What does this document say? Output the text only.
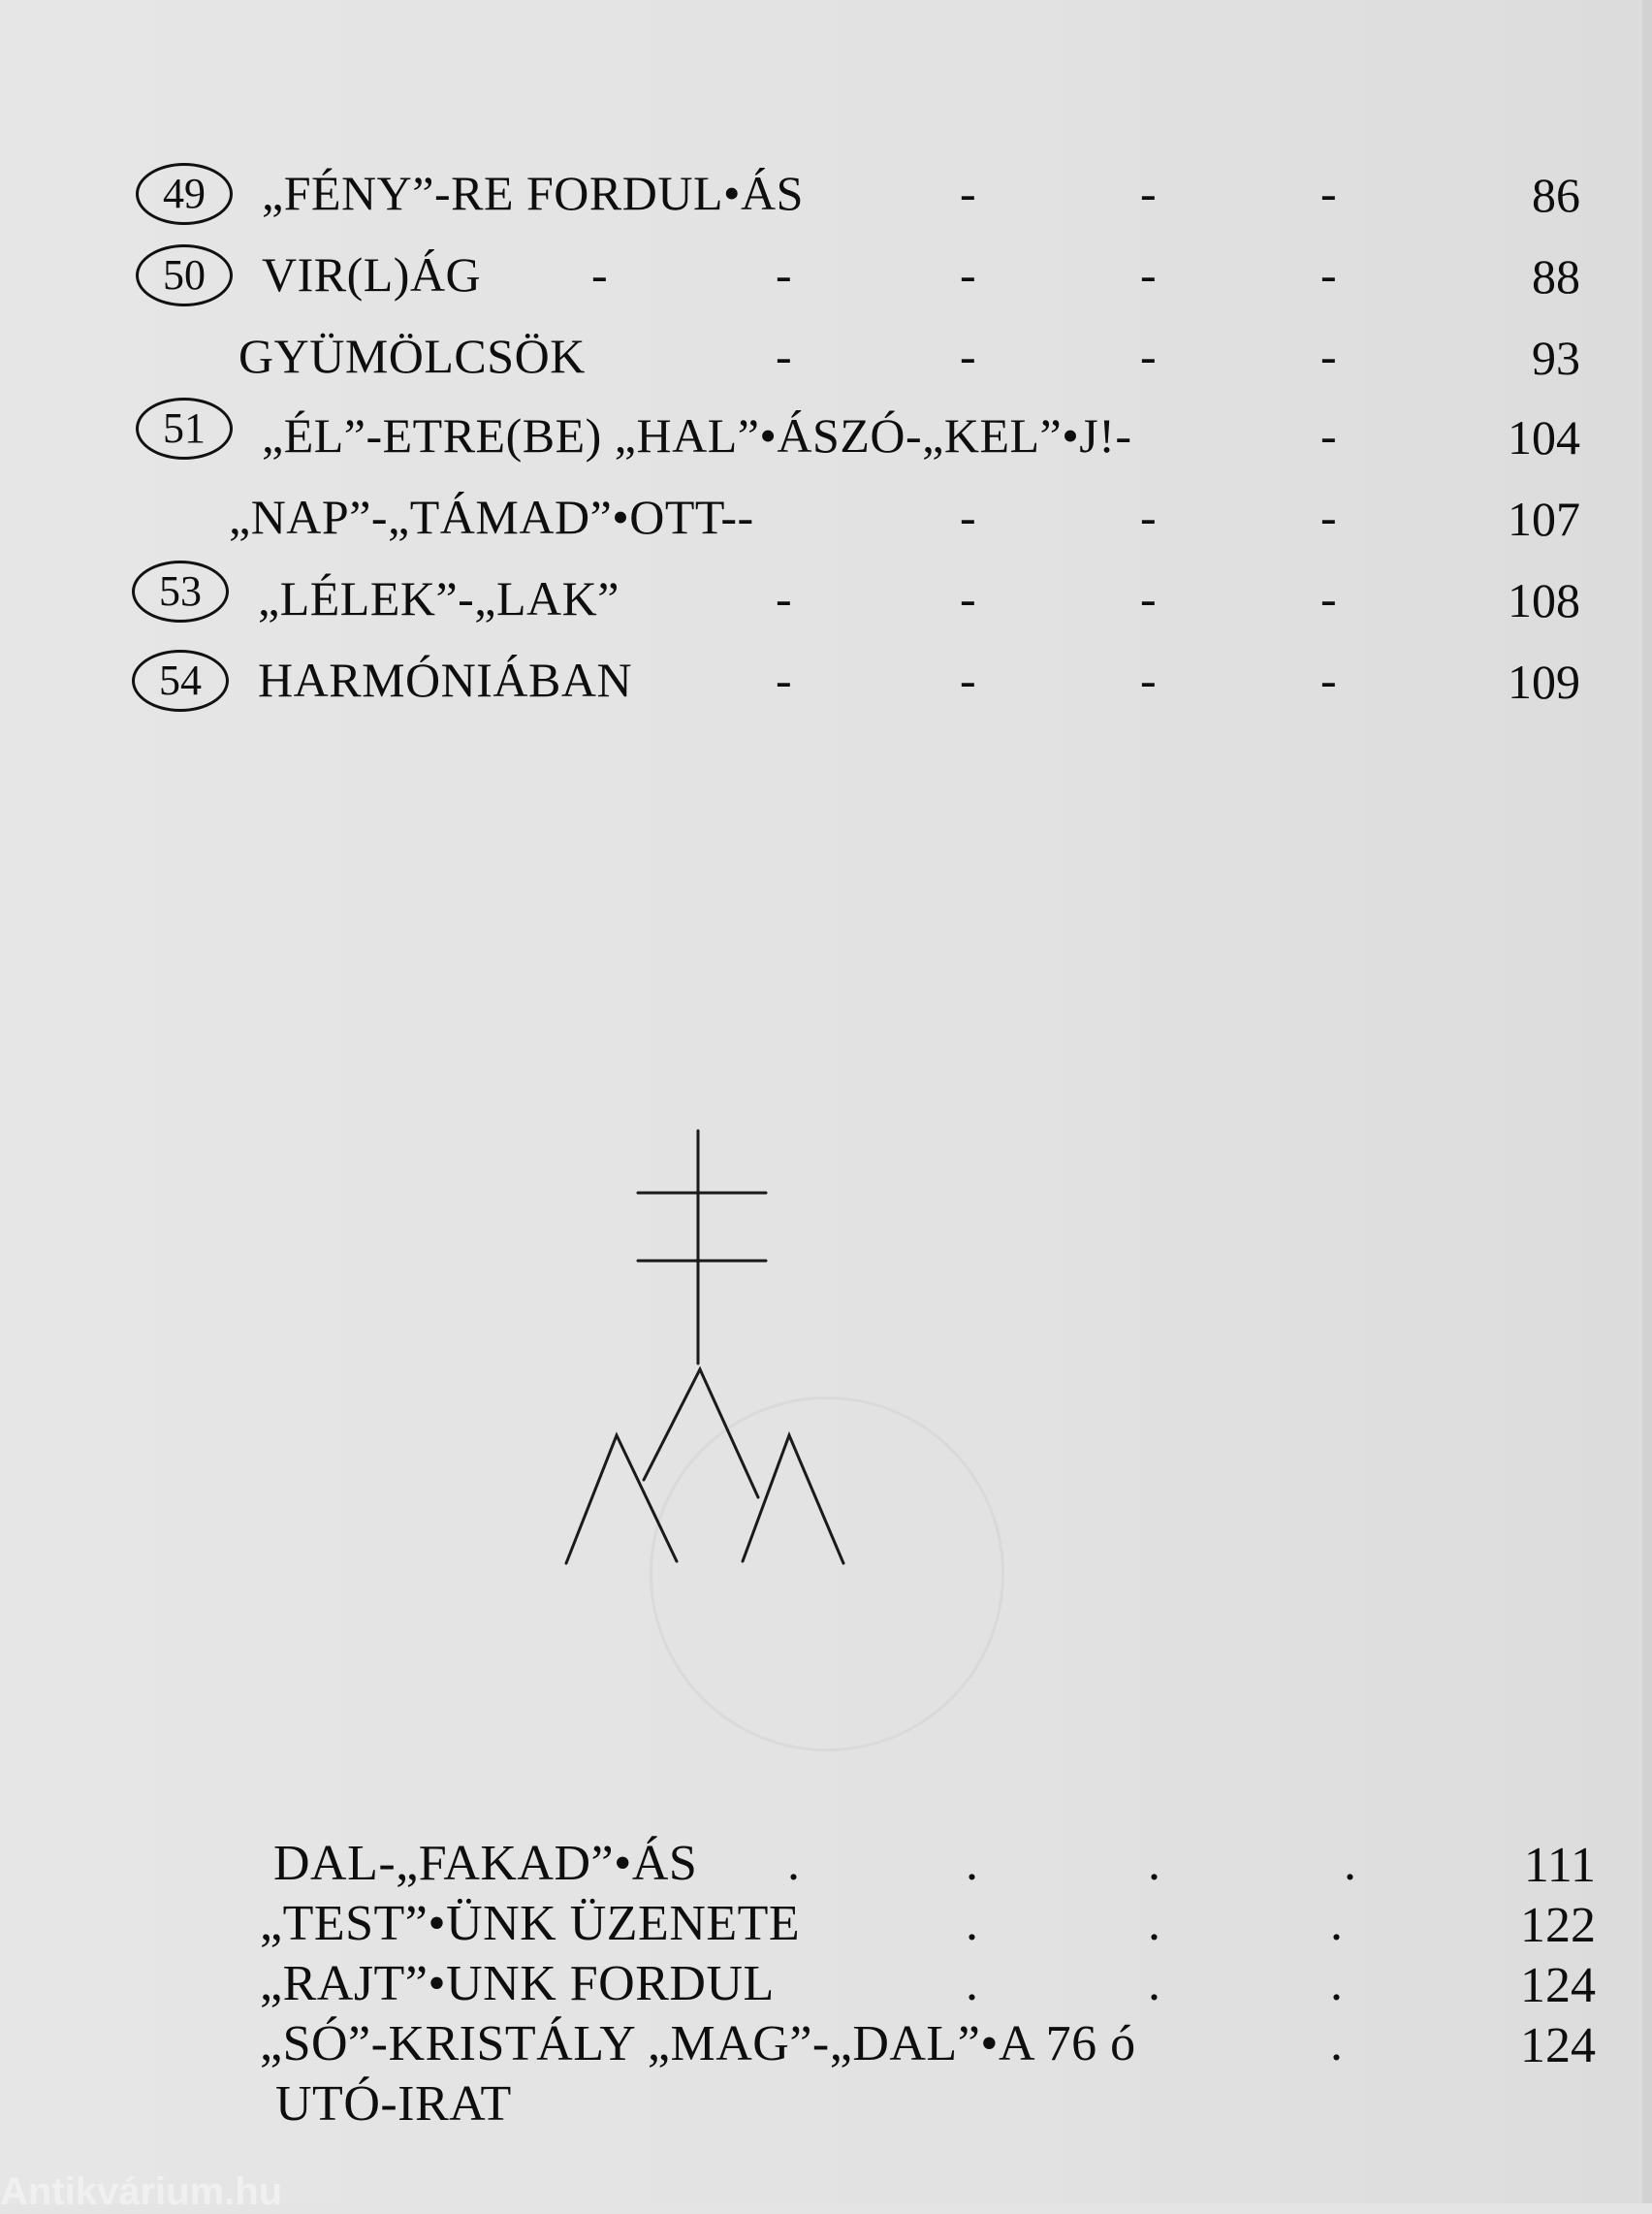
49	„FÉNY”-RE FORDUL•ÁS	-	-	-	86
50	VIR(L)ÁG -	-	-	-	-	88
GYÜMÖLCSÖK	-	-	-	-	93
51	„ÉL”-ETRE(BE) „HAL”•ÁSZÓ-„KEL”•J!-	-	104
„NAP”-„TÁMAD”•OTT--	-	-	-	107
53	„LÉLEK”-„LAK”	-	-	-	-	108
54	HARMÓNIÁBAN	-	-	-	-	109
DAL-„FAKAD”•ÁS .	.	.	.	111
„TEST”•ÜNK ÜZENETE	.	.	.	122
„RAJT”•UNK FORDUL	.	.	.	124
„SÓ”-KRISTÁLY „MAG”-„DAL”•A 76 ó	.	124
UTÓ-IRAT
Antikvárium.hu
